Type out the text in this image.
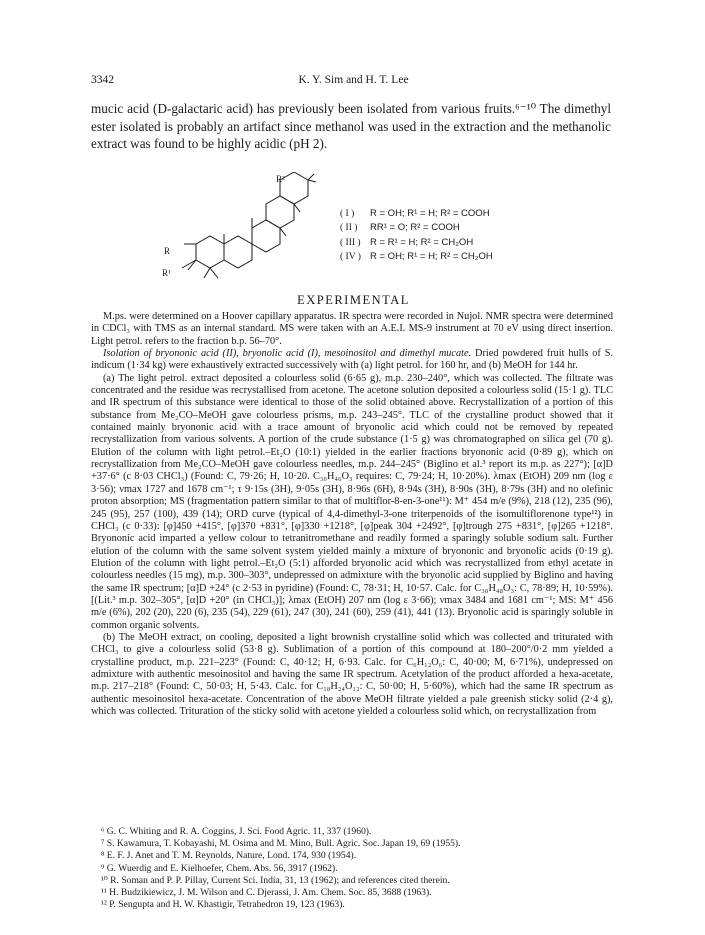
3342	K. Y. Sim and H. T. Lee

mucic acid (D-galactaric acid) has previously been isolated from various fruits.⁶⁻¹⁰ The dimethyl ester isolated is probably an artifact since methanol was used in the extraction and the methanolic extract was found to be highly acidic (pH 2).

R²
R
R¹
( I ) R = OH; R¹ = H; R² = COOH
( II ) RR¹ = O; R² = COOH
( III ) R = R¹ = H; R² = CH₂OH
( IV ) R = OH; R¹ = H; R² = CH₂OH
EXPERIMENTAL

M.ps. were determined on a Hoover capillary apparatus. IR spectra were recorded in Nujol. NMR spectra were determined in CDCl₃ with TMS as an internal standard. MS were taken with an A.E.I. MS-9 instrument at 70 eV using direct insertion. Light petrol. refers to the fraction b.p. 56–70°.

Isolation of bryononic acid (II), bryonolic acid (I), mesoinositol and dimethyl mucate. Dried powdered fruit hulls of S. indicum (1·34 kg) were exhaustively extracted successively with (a) light petrol. for 160 hr, and (b) MeOH for 144 hr.

(a) The light petrol. extract deposited a colourless solid (6·65 g), m.p. 230–240°, which was collected. The filtrate was concentrated and the residue was recrystallised from acetone. The acetone solution deposited a colourless solid (15·1 g). TLC and IR spectrum of this substance were identical to those of the solid obtained above. Recrystallization of a portion of this substance from Me₂CO–MeOH gave colourless prisms, m.p. 243–245°. TLC of the crystalline product showed that it contained mainly bryononic acid with a trace amount of bryonolic acid which could not be removed by repeated recrystallization from various solvents. A portion of the crude substance (1·5 g) was chromatographed on silica gel (70 g). Elution of the column with light petrol.–Et₂O (10:1) yielded in the earlier fractions bryononic acid (0·89 g), which on recrystallization from Me₂CO–MeOH gave colourless needles, m.p. 244–245° (Biglino et al.³ report its m.p. as 227°); [α]D +37·6° (c 8·03 CHCl₃) (Found: C, 79·26; H, 10·20. C₃₀H₄₆O₃ requires: C, 79·24; H, 10·20%). λmax (EtOH) 209 nm (log ε 3·56); νmax 1727 and 1678 cm⁻¹; τ 9·15s (3H), 9·05s (3H), 8·96s (6H), 8·94s (3H), 8·90s (3H), 8·79s (3H) and no olefinic proton absorption; MS (fragmentation pattern similar to that of multiflor-8-en-3-one¹¹): M⁺ 454 m/e (9%), 218 (12), 235 (96), 245 (95), 257 (100), 439 (14); ORD curve (typical of 4,4-dimethyl-3-one triterpenoids of the isomultiflorenone type¹²) in CHCl₃ (c 0·33): [φ]450 +415°, [φ]370 +831°, [φ]330 +1218°, [φ]peak 304 +2492°, [φ]trough 275 +831°, [φ]265 +1218°. Bryononic acid imparted a yellow colour to tetranitromethane and readily formed a sparingly soluble sodium salt. Further elution of the column with the same solvent system yielded mainly a mixture of bryononic and bryonolic acids (0·19 g). Elution of the column with light petrol.–Et₂O (5:1) afforded bryonolic acid which was recrystallized from ethyl acetate in colourless needles (15 mg), m.p. 300–303°, undepressed on admixture with the bryonolic acid supplied by Biglino and having the same IR spectrum; [α]D +24° (c 2·53 in pyridine) (Found: C, 78·31; H, 10·57. Calc. for C₃₀H₄₈O₃: C, 78·89; H, 10·59%). [(Lit.³ m.p. 302–305°, [α]D +20° (in CHCl₃)]; λmax (EtOH) 207 nm (log ε 3·66); νmax 3484 and 1681 cm⁻¹; MS: M⁺ 456 m/e (6%), 202 (20), 220 (6), 235 (54), 229 (61), 247 (30), 241 (60), 259 (41), 441 (13). Bryonolic acid is sparingly soluble in common organic solvents.

(b) The MeOH extract, on cooling, deposited a light brownish crystalline solid which was collected and triturated with CHCl₃ to give a colourless solid (53·8 g). Sublimation of a portion of this compound at 180–200°/0·2 mm yielded a crystalline product, m.p. 221–223° (Found: C, 40·12; H, 6·93. Calc. for C₆H₁₂O₆: C, 40·00; M, 6·71%), undepressed on admixture with authentic mesoinositol and having the same IR spectrum. Acetylation of the product afforded a hexa-acetate, m.p. 217–218° (Found: C, 50·03; H, 5·43. Calc. for C₁₈H₂₄O₁₂: C, 50·00; H, 5·60%), which had the same IR spectrum as authentic mesoinositol hexa-acetate. Concentration of the above MeOH filtrate yielded a pale greenish sticky solid (2·4 g), which was collected. Trituration of the sticky solid with acetone yielded a colourless solid which, on recrystallization from

⁶ G. C. Whiting and R. A. Coggins, J. Sci. Food Agric. 11, 337 (1960).
⁷ S. Kawamura, T. Kobayashi, M. Osima and M. Mino, Bull. Agric. Soc. Japan 19, 69 (1955).
⁸ E. F. J. Anet and T. M. Reynolds, Nature, Lond. 174, 930 (1954).
⁹ G. Wuerdig and E. Kielhoefer, Chem. Abs. 56, 3917 (1962).
¹⁰ R. Soman and P. P. Pillay, Current Sci. India, 31, 13 (1962); and references cited therein.
¹¹ H. Budzikiewicz, J. M. Wilson and C. Djerassi, J. Am. Chem. Soc. 85, 3688 (1963).
¹² P. Sengupta and H. W. Khastigir, Tetrahedron 19, 123 (1963).
